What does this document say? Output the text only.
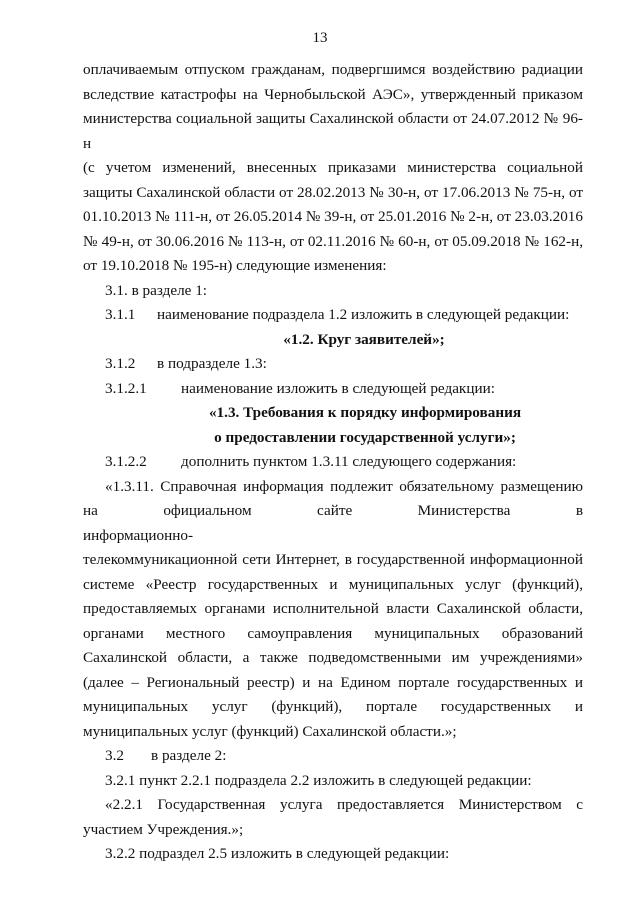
13

оплачиваемым отпуском гражданам, подвергшимся воздействию радиации

вследствие катастрофы на Чернобыльской АЭС», утвержденный приказом

министерства социальной защиты Сахалинской области от 24.07.2012 № 96-н

(с учетом изменений, внесенных приказами министерства социальной

защиты Сахалинской области от 28.02.2013 № 30-н, от 17.06.2013 № 75-н, от

01.10.2013 № 111-н, от 26.05.2014 № 39-н, от 25.01.2016 № 2-н, от 23.03.2016

№ 49-н, от 30.06.2016 № 113-н, от 02.11.2016 № 60-н, от 05.09.2018 № 162-н,

от 19.10.2018 № 195-н) следующие изменения:

3.1. в разделе 1:

3.1.1	наименование подраздела 1.2 изложить в следующей редакции:

«1.2. Круг заявителей»;

3.1.2	в подразделе 1.3:

3.1.2.1	наименование изложить в следующей редакции:

«1.3. Требования к порядку информирования

о предоставлении государственной услуги»;

3.1.2.2	дополнить пунктом 1.3.11 следующего содержания:

«1.3.11. Справочная информация подлежит обязательному размещению

на официальном сайте Министерства в информационно-

телекоммуникационной сети Интернет, в государственной информационной

системе «Реестр государственных и муниципальных услуг (функций),

предоставляемых органами исполнительной власти Сахалинской области,

органами местного самоуправления муниципальных образований

Сахалинской области, а также подведомственными им учреждениями»

(далее – Региональный реестр) и на Едином портале государственных и

муниципальных услуг (функций), портале государственных и

муниципальных услуг (функций) Сахалинской области.»;

3.2	в разделе 2:

3.2.1 пункт 2.2.1 подраздела 2.2 изложить в следующей редакции:

«2.2.1 Государственная услуга предоставляется Министерством с

участием Учреждения.»;

3.2.2 подраздел 2.5 изложить в следующей редакции:
